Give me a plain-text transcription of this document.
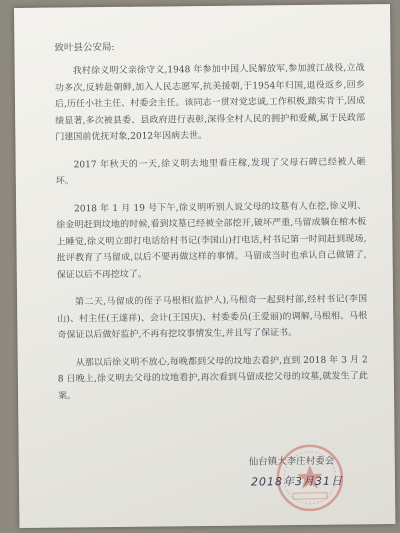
致叶县公安局:

我村徐义明父亲徐守义,1948 年参加中国人民解放军,参加渡江战役,立战功多次,反转赴朝鲜,加入人民志愿军,抗美援朝,于1954年归国,退役返乡,回乡后,历任小社主任、村委会主任。该同志一贯对党忠诚,工作积极,踏实肯干,因成绩显著,多次被县委、县政府进行表彰,深得全村人民的拥护和爱戴,属于民政部门建国前优抚对象,2012年因病去世。

2017 年秋天的一天,徐义明去地里看庄稼,发现了父母石碑已经被人砸坏。

2018 年 1 月 19 号下午,徐义明听别人说父母的坟墓有人在挖,徐义明、徐金明赶到坟地的时候,看到坟墓已经被全部挖开,破坏严重,马留成躺在棺木板上睡觉,徐义明立即打电话给村书记(李国山)打电话,村书记第一时间赶到现场,批评教育了马留成,以后不要再做这样的事情。马留成当时也承认自己做错了,保证以后不再挖坟了。

第二天,马留成的侄子马根相(监护人),马根奇一起到村部,经村书记(李国山)、村主任(王遂祥)、会计(王国庆)、村委委员(王爱丽)的调解,马根相、马根奇保证以后做好监护,不再有挖坟事情发生,并且写了保证书。

从那以后徐义明不放心,每晚都到父母的坟地去看护,直到 2018 年 3 月 28 日晚上,徐义明去父母的坟地看护,再次看到马留成挖父母的坟墓,就发生了此案。

仙台镇大李庄村委会
2018年3月31日
